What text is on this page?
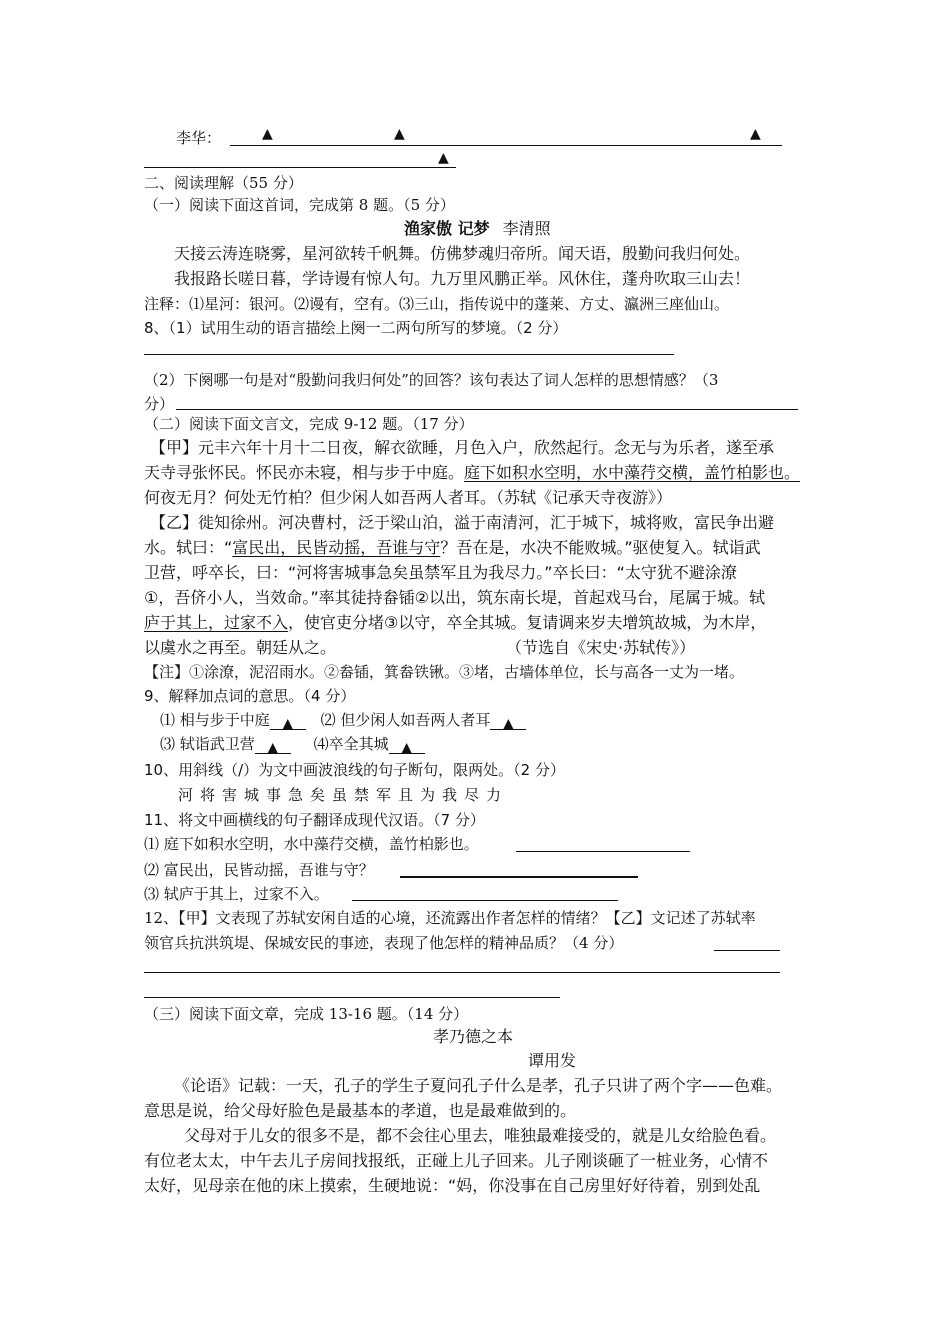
李华：	▲	▲	▲
▲
二、阅读理解（55 分）
（一）阅读下面这首词，完成第 8 题。（5 分）
渔家傲 记梦 李清照
天接云涛连晓雾，星河欲转千帆舞。仿佛梦魂归帝所。闻天语，殷勤问我归何处。
我报路长嗟日暮，学诗谩有惊人句。九万里风鹏正举。风休住，蓬舟吹取三山去！
注释：⑴星河：银河。⑵谩有，空有。⑶三山，指传说中的蓬莱、方丈、瀛洲三座仙山。
8、（1）试用生动的语言描绘上阕一二两句所写的梦境。（2 分）
（2）下阕哪一句是对“殷勤问我归何处”的回答？该句表达了词人怎样的思想情感？（3
分）
（二）阅读下面文言文，完成 9-12 题。（17 分）
【甲】元丰六年十月十二日夜，解衣欲睡，月色入户，欣然起行。念无与为乐者，遂至承
天寺寻张怀民。怀民亦未寝，相与步于中庭。庭下如积水空明，水中藻荇交横，盖竹柏影也。
何夜无月？何处无竹柏？但少闲人如吾两人者耳。（苏轼《记承天寺夜游》）
【乙】徙知徐州。河决曹村，泛于梁山泊，溢于南清河，汇于城下，城将败，富民争出避
水。轼曰：“富民出，民皆动摇，吾谁与守？吾在是，水决不能败城。”驱使复入。轼诣武
卫营，呼卒长，曰：“河将害城事急矣虽禁军且为我尽力。”卒长曰：“太守犹不避涂潦
①，吾侪小人，当效命。”率其徒持畚锸②以出，筑东南长堤，首起戏马台，尾属于城。轼
庐于其上，过家不入，使官吏分堵③以守，卒全其城。复请调来岁夫增筑故城，为木岸，
以虞水之再至。朝廷从之。	（节选自《宋史·苏轼传》）
【注】①涂潦，泥沼雨水。②畚锸，箕畚铁锹。③堵，古墙体单位，长与高各一丈为一堵。
9、解释加点词的意思。（4 分）
⑴ 相与步于中庭 ▲ ⑵ 但少闲人如吾两人者耳 ▲
⑶ 轼诣武卫营 ▲ ⑷卒全其城 ▲
10、用斜线（/）为文中画波浪线的句子断句，限两处。（2 分）
河将害城事急矣虽禁军且为我尽力
11、将文中画横线的句子翻译成现代汉语。（7 分）
⑴ 庭下如积水空明，水中藻荇交横，盖竹柏影也。
⑵ 富民出，民皆动摇，吾谁与守？
⑶ 轼庐于其上，过家不入。
12、【甲】文表现了苏轼安闲自适的心境，还流露出作者怎样的情绪？【乙】文记述了苏轼率
领官兵抗洪筑堤、保城安民的事迹，表现了他怎样的精神品质？（4 分）
（三）阅读下面文章，完成 13-16 题。（14 分）
孝乃德之本
谭用发
《论语》记载：一天，孔子的学生子夏问孔子什么是孝，孔子只讲了两个字——色难。
意思是说，给父母好脸色是最基本的孝道，也是最难做到的。
父母对于儿女的很多不是，都不会往心里去，唯独最难接受的，就是儿女给脸色看。
有位老太太，中午去儿子房间找报纸，正碰上儿子回来。儿子刚谈砸了一桩业务，心情不
太好，见母亲在他的床上摸索，生硬地说：“妈，你没事在自己房里好好待着，别到处乱
